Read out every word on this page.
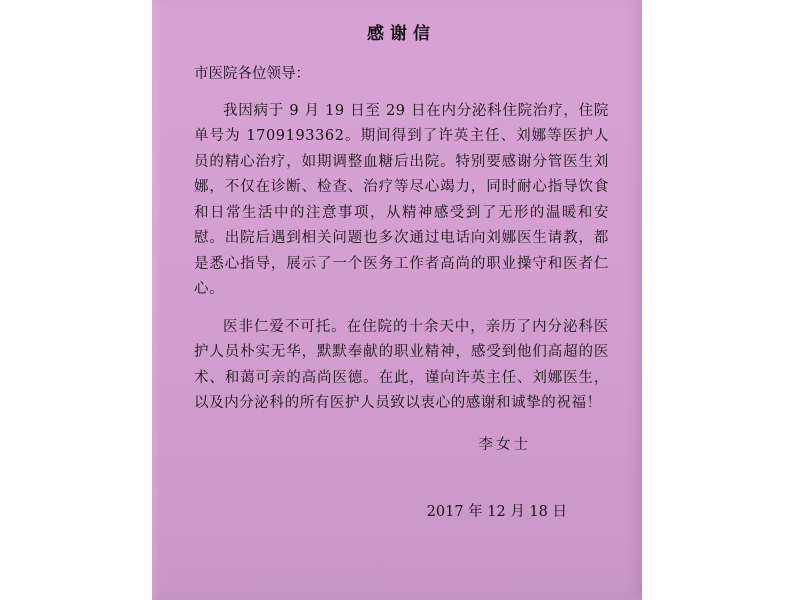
感谢信
市医院各位领导：

我因病于 9 月 19 日至 29 日在内分泌科住院治疗，住院单号为 1709193362。期间得到了许英主任、刘娜等医护人员的精心治疗，如期调整血糖后出院。特别要感谢分管医生刘娜，不仅在诊断、检查、治疗等尽心竭力，同时耐心指导饮食和日常生活中的注意事项，从精神感受到了无形的温暖和安慰。出院后遇到相关问题也多次通过电话向刘娜医生请教，都是悉心指导，展示了一个医务工作者高尚的职业操守和医者仁心。

医非仁爱不可托。在住院的十余天中，亲历了内分泌科医护人员朴实无华，默默奉献的职业精神，感受到他们高超的医术、和蔼可亲的高尚医德。在此，谨向许英主任、刘娜医生，以及内分泌科的所有医护人员致以衷心的感谢和诚挚的祝福！

李女士
2017 年 12 月 18 日
